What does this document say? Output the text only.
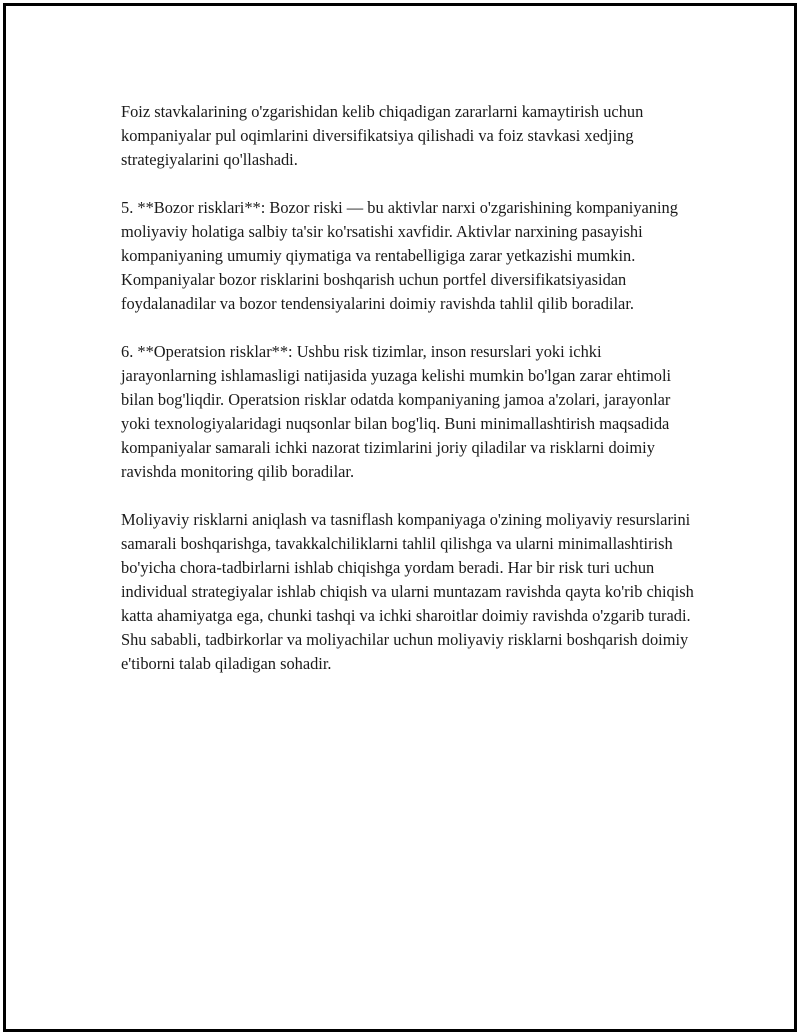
Foiz stavkalarining o'zgarishidan kelib chiqadigan zararlarni kamaytirish uchun kompaniyalar pul oqimlarini diversifikatsiya qilishadi va foiz stavkasi xedjing strategiyalarini qo'llashadi.

5. **Bozor risklari**: Bozor riski — bu aktivlar narxi o'zgarishining kompaniyaning moliyaviy holatiga salbiy ta'sir ko'rsatishi xavfidir. Aktivlar narxining pasayishi kompaniyaning umumiy qiymatiga va rentabelligiga zarar yetkazishi mumkin. Kompaniyalar bozor risklarini boshqarish uchun portfel diversifikatsiyasidan foydalanadilar va bozor tendensiyalarini doimiy ravishda tahlil qilib boradilar.

6. **Operatsion risklar**: Ushbu risk tizimlar, inson resurslari yoki ichki jarayonlarning ishlamasligi natijasida yuzaga kelishi mumkin bo'lgan zarar ehtimoli bilan bog'liqdir. Operatsion risklar odatda kompaniyaning jamoa a'zolari, jarayonlar yoki texnologiyalaridagi nuqsonlar bilan bog'liq. Buni minimallashtirish maqsadida kompaniyalar samarali ichki nazorat tizimlarini joriy qiladilar va risklarni doimiy ravishda monitoring qilib boradilar.

Moliyaviy risklarni aniqlash va tasniflash kompaniyaga o'zining moliyaviy resurslarini samarali boshqarishga, tavakkalchiliklarni tahlil qilishga va ularni minimallashtirish bo'yicha chora-tadbirlarni ishlab chiqishga yordam beradi. Har bir risk turi uchun individual strategiyalar ishlab chiqish va ularni muntazam ravishda qayta ko'rib chiqish katta ahamiyatga ega, chunki tashqi va ichki sharoitlar doimiy ravishda o'zgarib turadi. Shu sababli, tadbirkorlar va moliyachilar uchun moliyaviy risklarni boshqarish doimiy e'tiborni talab qiladigan sohadir.
